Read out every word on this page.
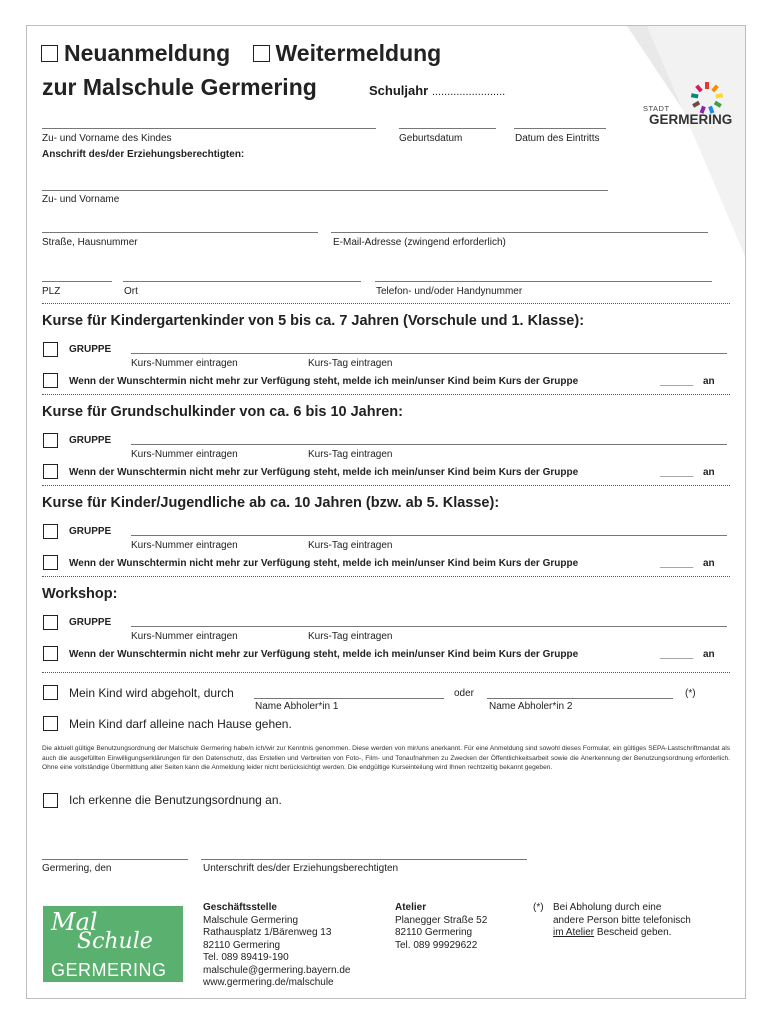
Neuanmeldung Weitermeldung
zur Malschule Germering	Schuljahr ........................
STADT
GERMERING
Zu- und Vorname des Kindes	Geburtsdatum	Datum des Eintritts
Anschrift des/der Erziehungsberechtigten:
Zu- und Vorname
Straße, Hausnummer	E-Mail-Adresse (zwingend erforderlich)
PLZ	Ort	Telefon- und/oder Handynummer
Kurse für Kindergartenkinder von 5 bis ca. 7 Jahren (Vorschule und 1. Klasse):
GRUPPE
Kurs-Nummer eintragen	Kurs-Tag eintragen
Wenn der Wunschtermin nicht mehr zur Verfügung steht, melde ich mein/unser Kind beim Kurs der Gruppe	______ an
Kurse für Grundschulkinder von ca. 6 bis 10 Jahren:
GRUPPE
Kurs-Nummer eintragen	Kurs-Tag eintragen
Wenn der Wunschtermin nicht mehr zur Verfügung steht, melde ich mein/unser Kind beim Kurs der Gruppe	______ an
Kurse für Kinder/Jugendliche ab ca. 10 Jahren (bzw. ab 5. Klasse):
GRUPPE
Kurs-Nummer eintragen	Kurs-Tag eintragen
Wenn der Wunschtermin nicht mehr zur Verfügung steht, melde ich mein/unser Kind beim Kurs der Gruppe	______ an
Workshop:
GRUPPE
Kurs-Nummer eintragen	Kurs-Tag eintragen
Wenn der Wunschtermin nicht mehr zur Verfügung steht, melde ich mein/unser Kind beim Kurs der Gruppe	______ an
Mein Kind wird abgeholt, durch	oder	(*)
Name Abholer*in 1	Name Abholer*in 2
Mein Kind darf alleine nach Hause gehen.
Die aktuell gültige Benutzungsordnung der Malschule Germering habe/n ich/wir zur Kenntnis genommen. Diese werden von mir/uns anerkannt. Für eine Anmeldung sind sowohl dieses Formular, ein gültiges SEPA-Lastschriftmandat als auch die ausgefüllten Einwilligungserklärungen für den Datenschutz, das Erstellen und Verbreiten von Foto-, Film- und Tonaufnahmen zu Zwecken der Öffentlichkeitsarbeit sowie die Anerkennung der Benutzungsordnung erforderlich. Ohne eine vollständige Übermittlung aller Seiten kann die Anmeldung leider nicht berücksichtigt werden. Die endgültige Kurseinteilung wird Ihnen rechtzeitig bekannt gegeben.
Ich erkenne die Benutzungsordnung an.
Germering, den	Unterschrift des/der Erziehungsberechtigten
Mal
Schule
GERMERING
Geschäftsstelle
Malschule Germering
Rathausplatz 1/Bärenweg 13
82110 Germering
Tel. 089 89419-190
malschule@germering.bayern.de
www.germering.de/malschule
Atelier
Planegger Straße 52
82110 Germering
Tel. 089 99929622
(*) Bei Abholung durch eine
andere Person bitte telefonisch
im Atelier Bescheid geben.
